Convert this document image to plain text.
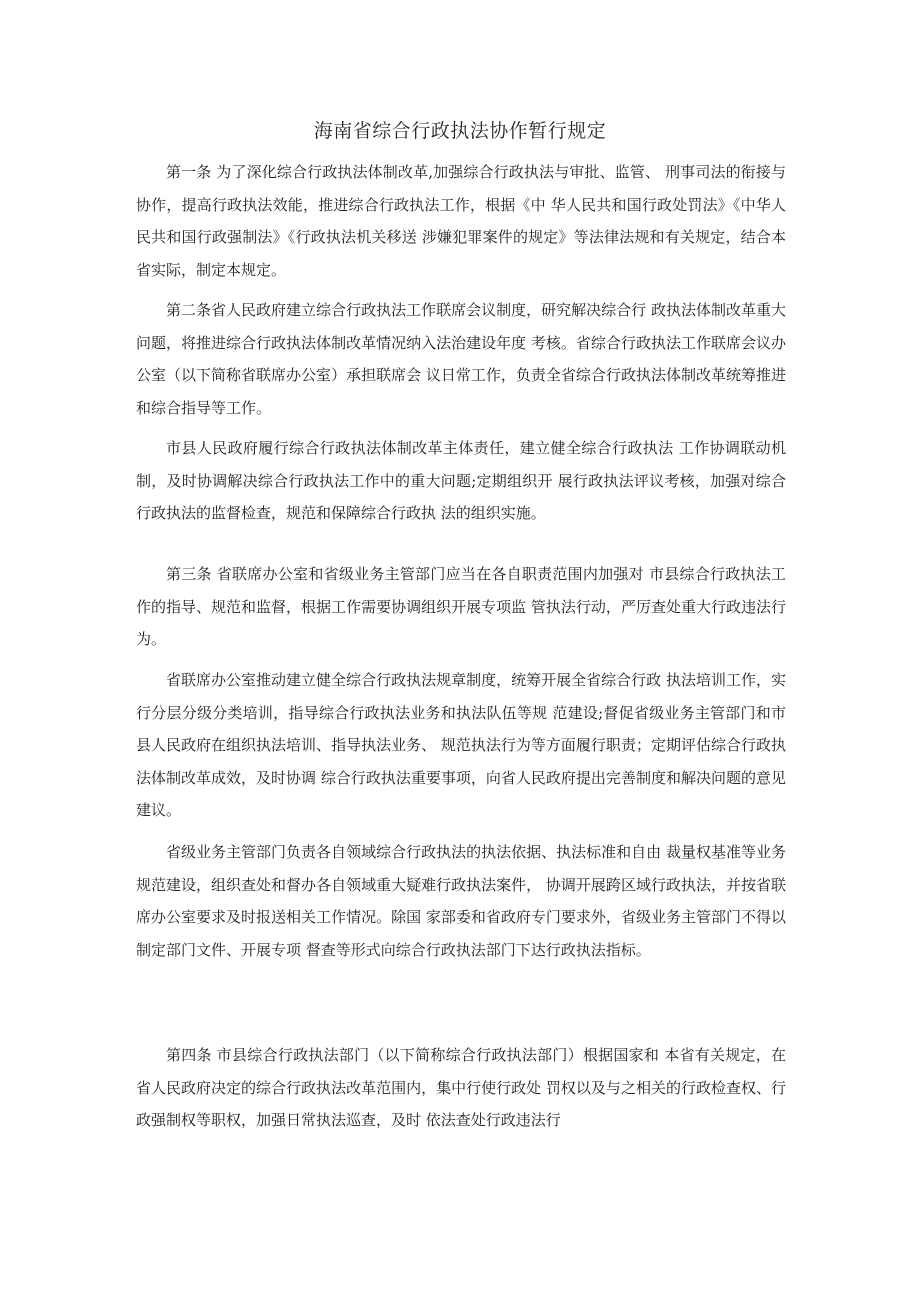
海南省综合行政执法协作暂行规定

第一条 为了深化综合行政执法体制改革,加强综合行政执法与审批、监管、 刑事司法的衔接与协作，提高行政执法效能，推进综合行政执法工作，根据《中 华人民共和国行政处罚法》《中华人民共和国行政强制法》《行政执法机关移送 涉嫌犯罪案件的规定》等法律法规和有关规定，结合本省实际，制定本规定。

第二条省人民政府建立综合行政执法工作联席会议制度，研究解决综合行 政执法体制改革重大问题，将推进综合行政执法体制改革情况纳入法治建设年度 考核。省综合行政执法工作联席会议办公室（以下简称省联席办公室）承担联席会 议日常工作，负责全省综合行政执法体制改革统筹推进和综合指导等工作。

市县人民政府履行综合行政执法体制改革主体责任，建立健全综合行政执法 工作协调联动机制，及时协调解决综合行政执法工作中的重大问题;定期组织开 展行政执法评议考核，加强对综合行政执法的监督检查，规范和保障综合行政执 法的组织实施。

第三条 省联席办公室和省级业务主管部门应当在各自职责范围内加强对 市县综合行政执法工作的指导、规范和监督，根据工作需要协调组织开展专项监 管执法行动，严厉查处重大行政违法行为。

省联席办公室推动建立健全综合行政执法规章制度，统筹开展全省综合行政 执法培训工作，实行分层分级分类培训，指导综合行政执法业务和执法队伍等规 范建设;督促省级业务主管部门和市县人民政府在组织执法培训、指导执法业务、 规范执法行为等方面履行职责；定期评估综合行政执法体制改革成效，及时协调 综合行政执法重要事项，向省人民政府提出完善制度和解决问题的意见建议。

省级业务主管部门负责各自领域综合行政执法的执法依据、执法标准和自由 裁量权基准等业务规范建设，组织查处和督办各自领域重大疑难行政执法案件， 协调开展跨区域行政执法，并按省联席办公室要求及时报送相关工作情况。除国 家部委和省政府专门要求外，省级业务主管部门不得以制定部门文件、开展专项 督查等形式向综合行政执法部门下达行政执法指标。

第四条 市县综合行政执法部门（以下简称综合行政执法部门）根据国家和 本省有关规定，在省人民政府决定的综合行政执法改革范围内，集中行使行政处 罚权以及与之相关的行政检查权、行政强制权等职权，加强日常执法巡查，及时 依法查处行政违法行
